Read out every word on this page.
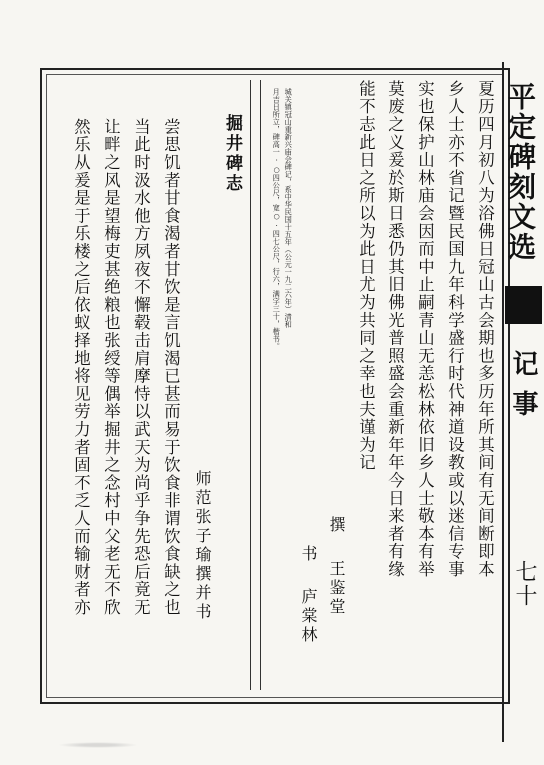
平定碑刻文选
记事
七十
夏历四月初八为浴佛日冠山古会期也多历年所其间有无间断即本
乡人士亦不省记暨民国九年科学盛行时代神道设教或以迷信专事
实也保护山林庙会因而中止嗣青山无恙松林依旧乡人士敬本有举
莫废之义爰於斯日悉仍其旧佛光普照盛会重新年年今日来者有缘
能不志此日之所以为此日尤为共同之幸也夫谨为记
撰
王鉴堂
书
庐棠林
城关镇冠山重新兴庙会碑记，系中华民国十五年（公元一九二六年）清和
月吉日所立，碑高一·○四公尺，宽○·四七公尺，行六，满字三十，楷书。
掘井碑志
师范张子瑜撰并书
尝思饥者甘食渴者甘饮是言饥渴已甚而易于饮食非谓饮食缺之也
当此时汲水他方夙夜不懈毂击肩摩恃以武天为尚乎争先恐后竟无
让畔之风是望梅吏甚绝粮也张绶等偶举掘井之念村中父老无不欣
然乐从爰是于乐楼之后依蚁择地将见劳力者固不乏人而输财者亦
